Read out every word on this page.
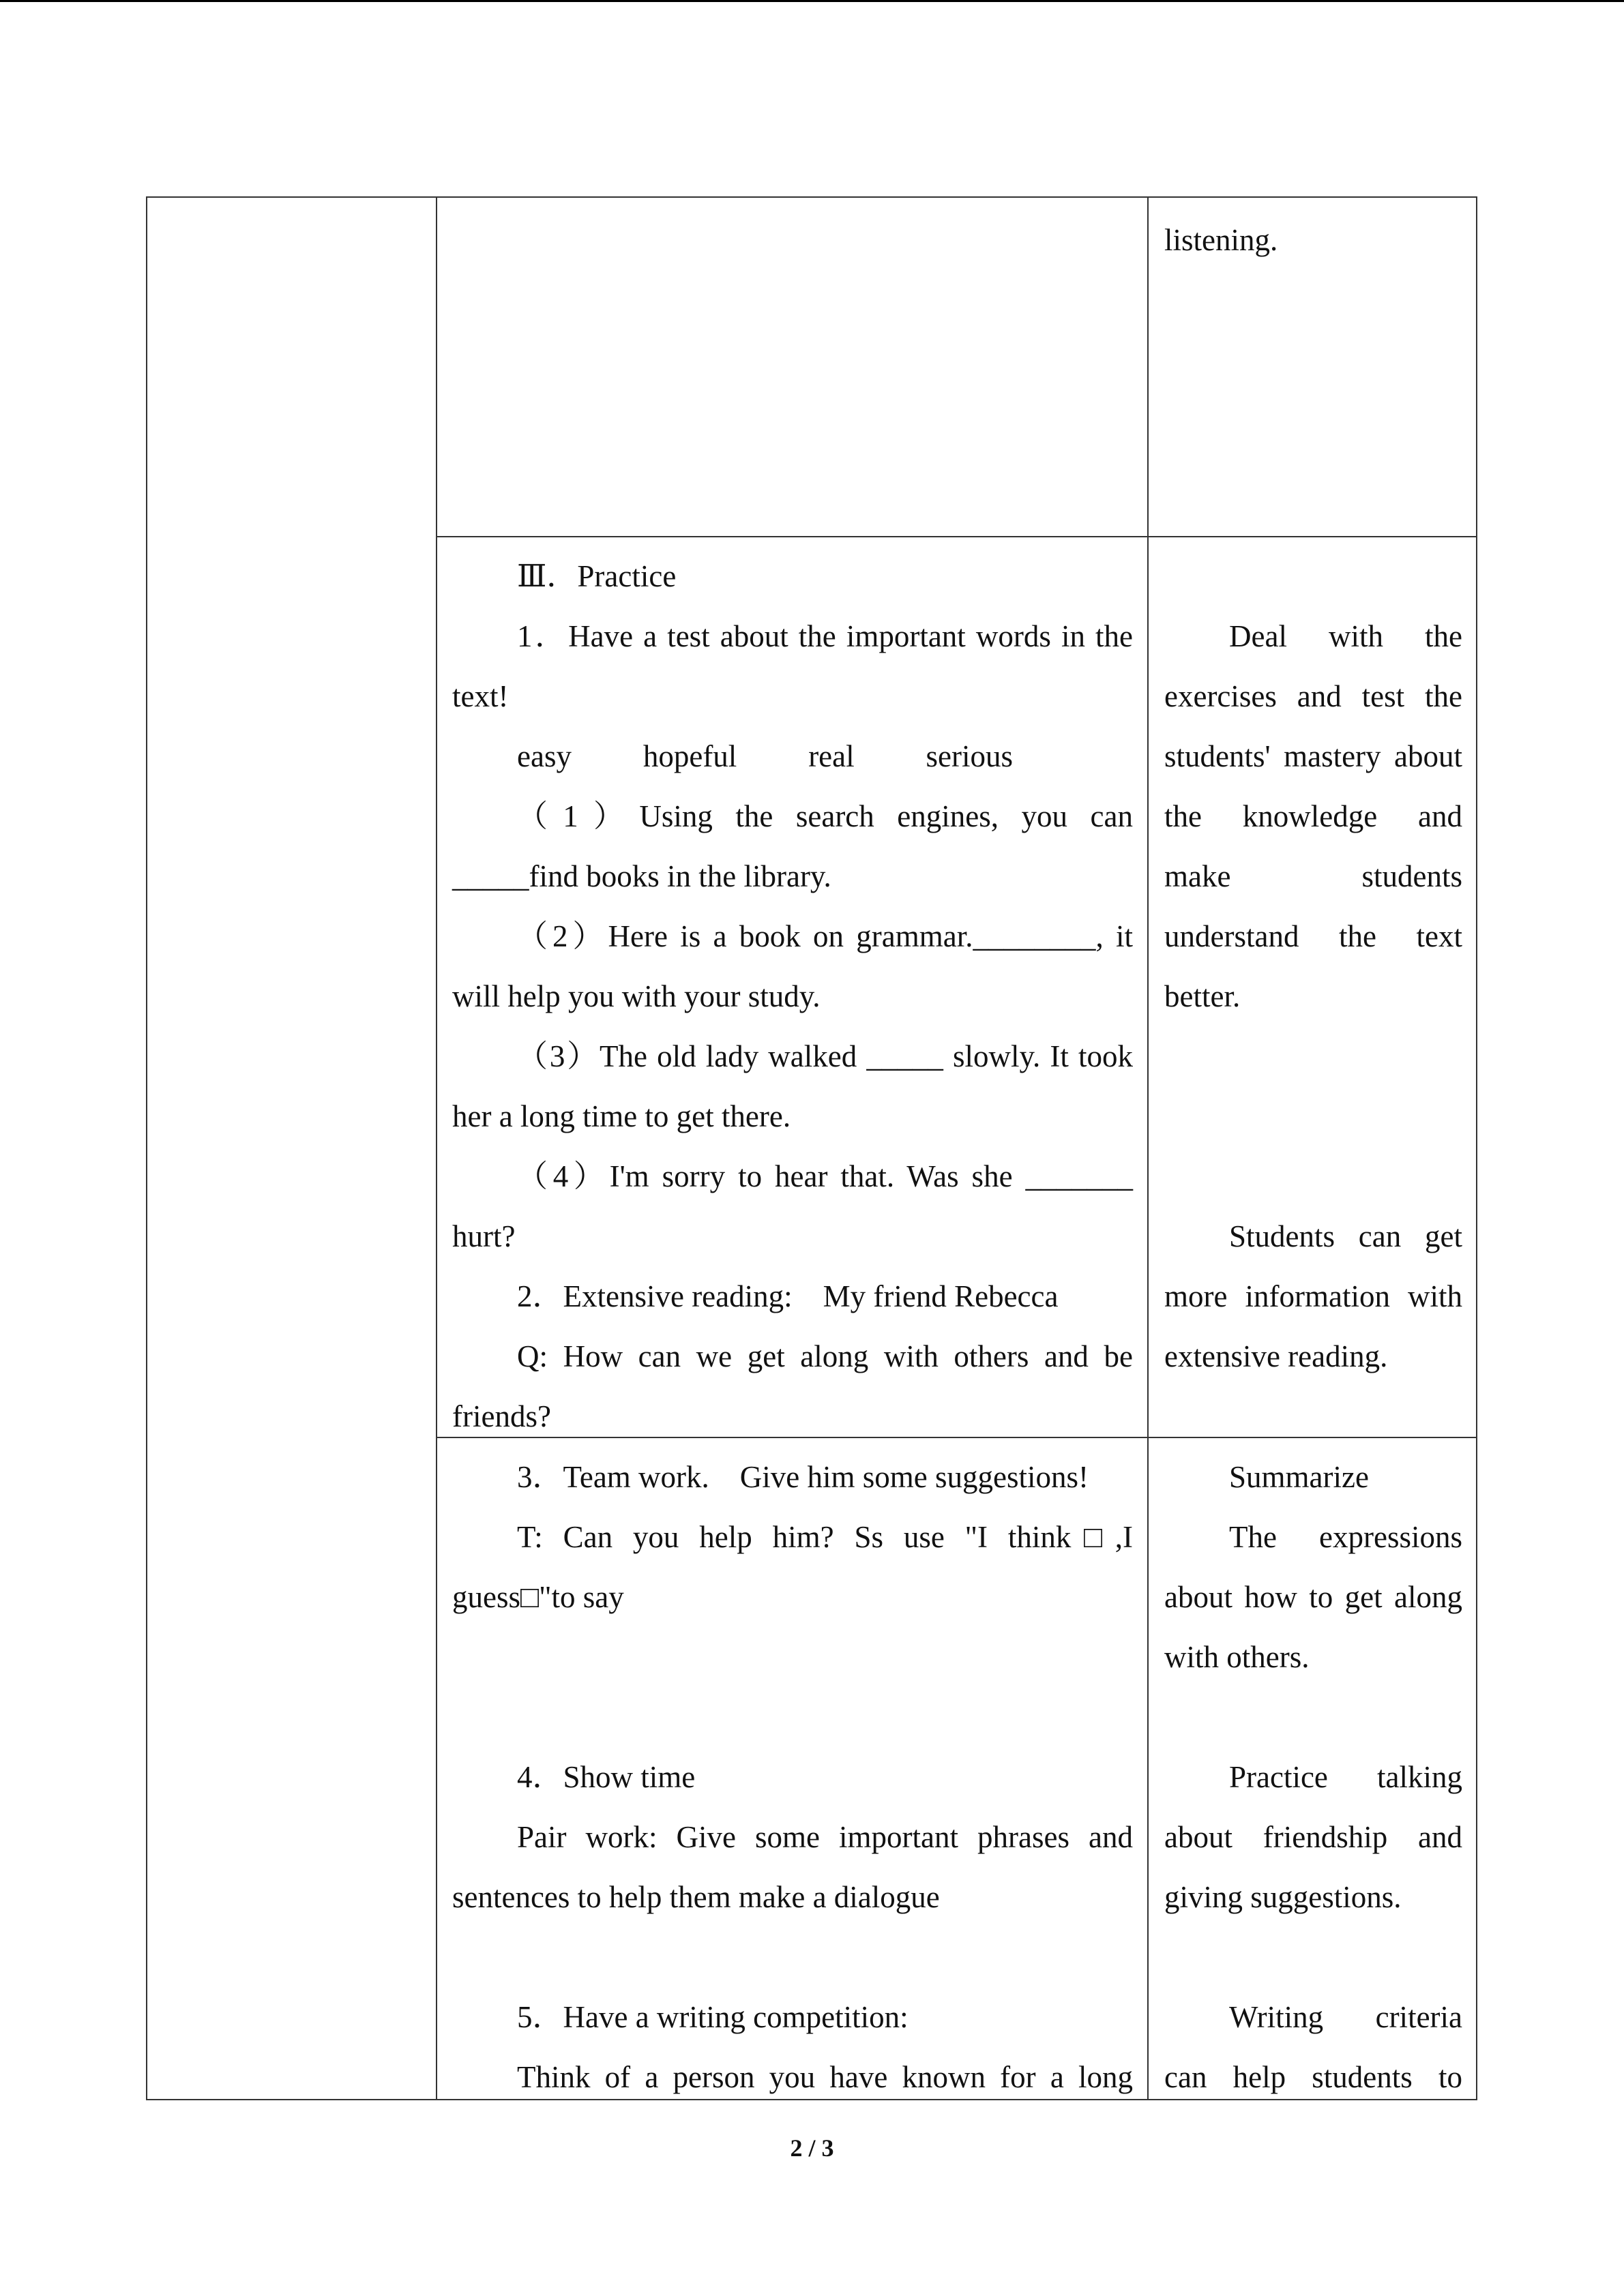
listening.

Ⅲ．Practice

1．Have a test about the important words in the text!

easy hopeful real serious

（1）Using the search engines, you can _____find books in the library.

（2）Here is a book on grammar.________, it will help you with your study.

（3）The old lady walked _____ slowly. It took her a long time to get there.

（4）I'm sorry to hear that. Was she _______ hurt?

2．Extensive reading:　My friend Rebecca

Q: How can we get along with others and be friends?

Deal with the exercises and test the students' mastery about the knowledge and make students understand the text better.

Students can get more information with extensive reading.

3．Team work.　Give him some suggestions!

T: Can you help him? Ss use "I think□,I guess□"to say

4．Show time

Pair work: Give some important phrases and sentences to help them make a dialogue

5．Have a writing competition:

Think of a person you have known for a long

Summarize

The expressions about how to get along with others.

Practice talking about friendship and giving suggestions.

Writing criteria can help students to

2 / 3
